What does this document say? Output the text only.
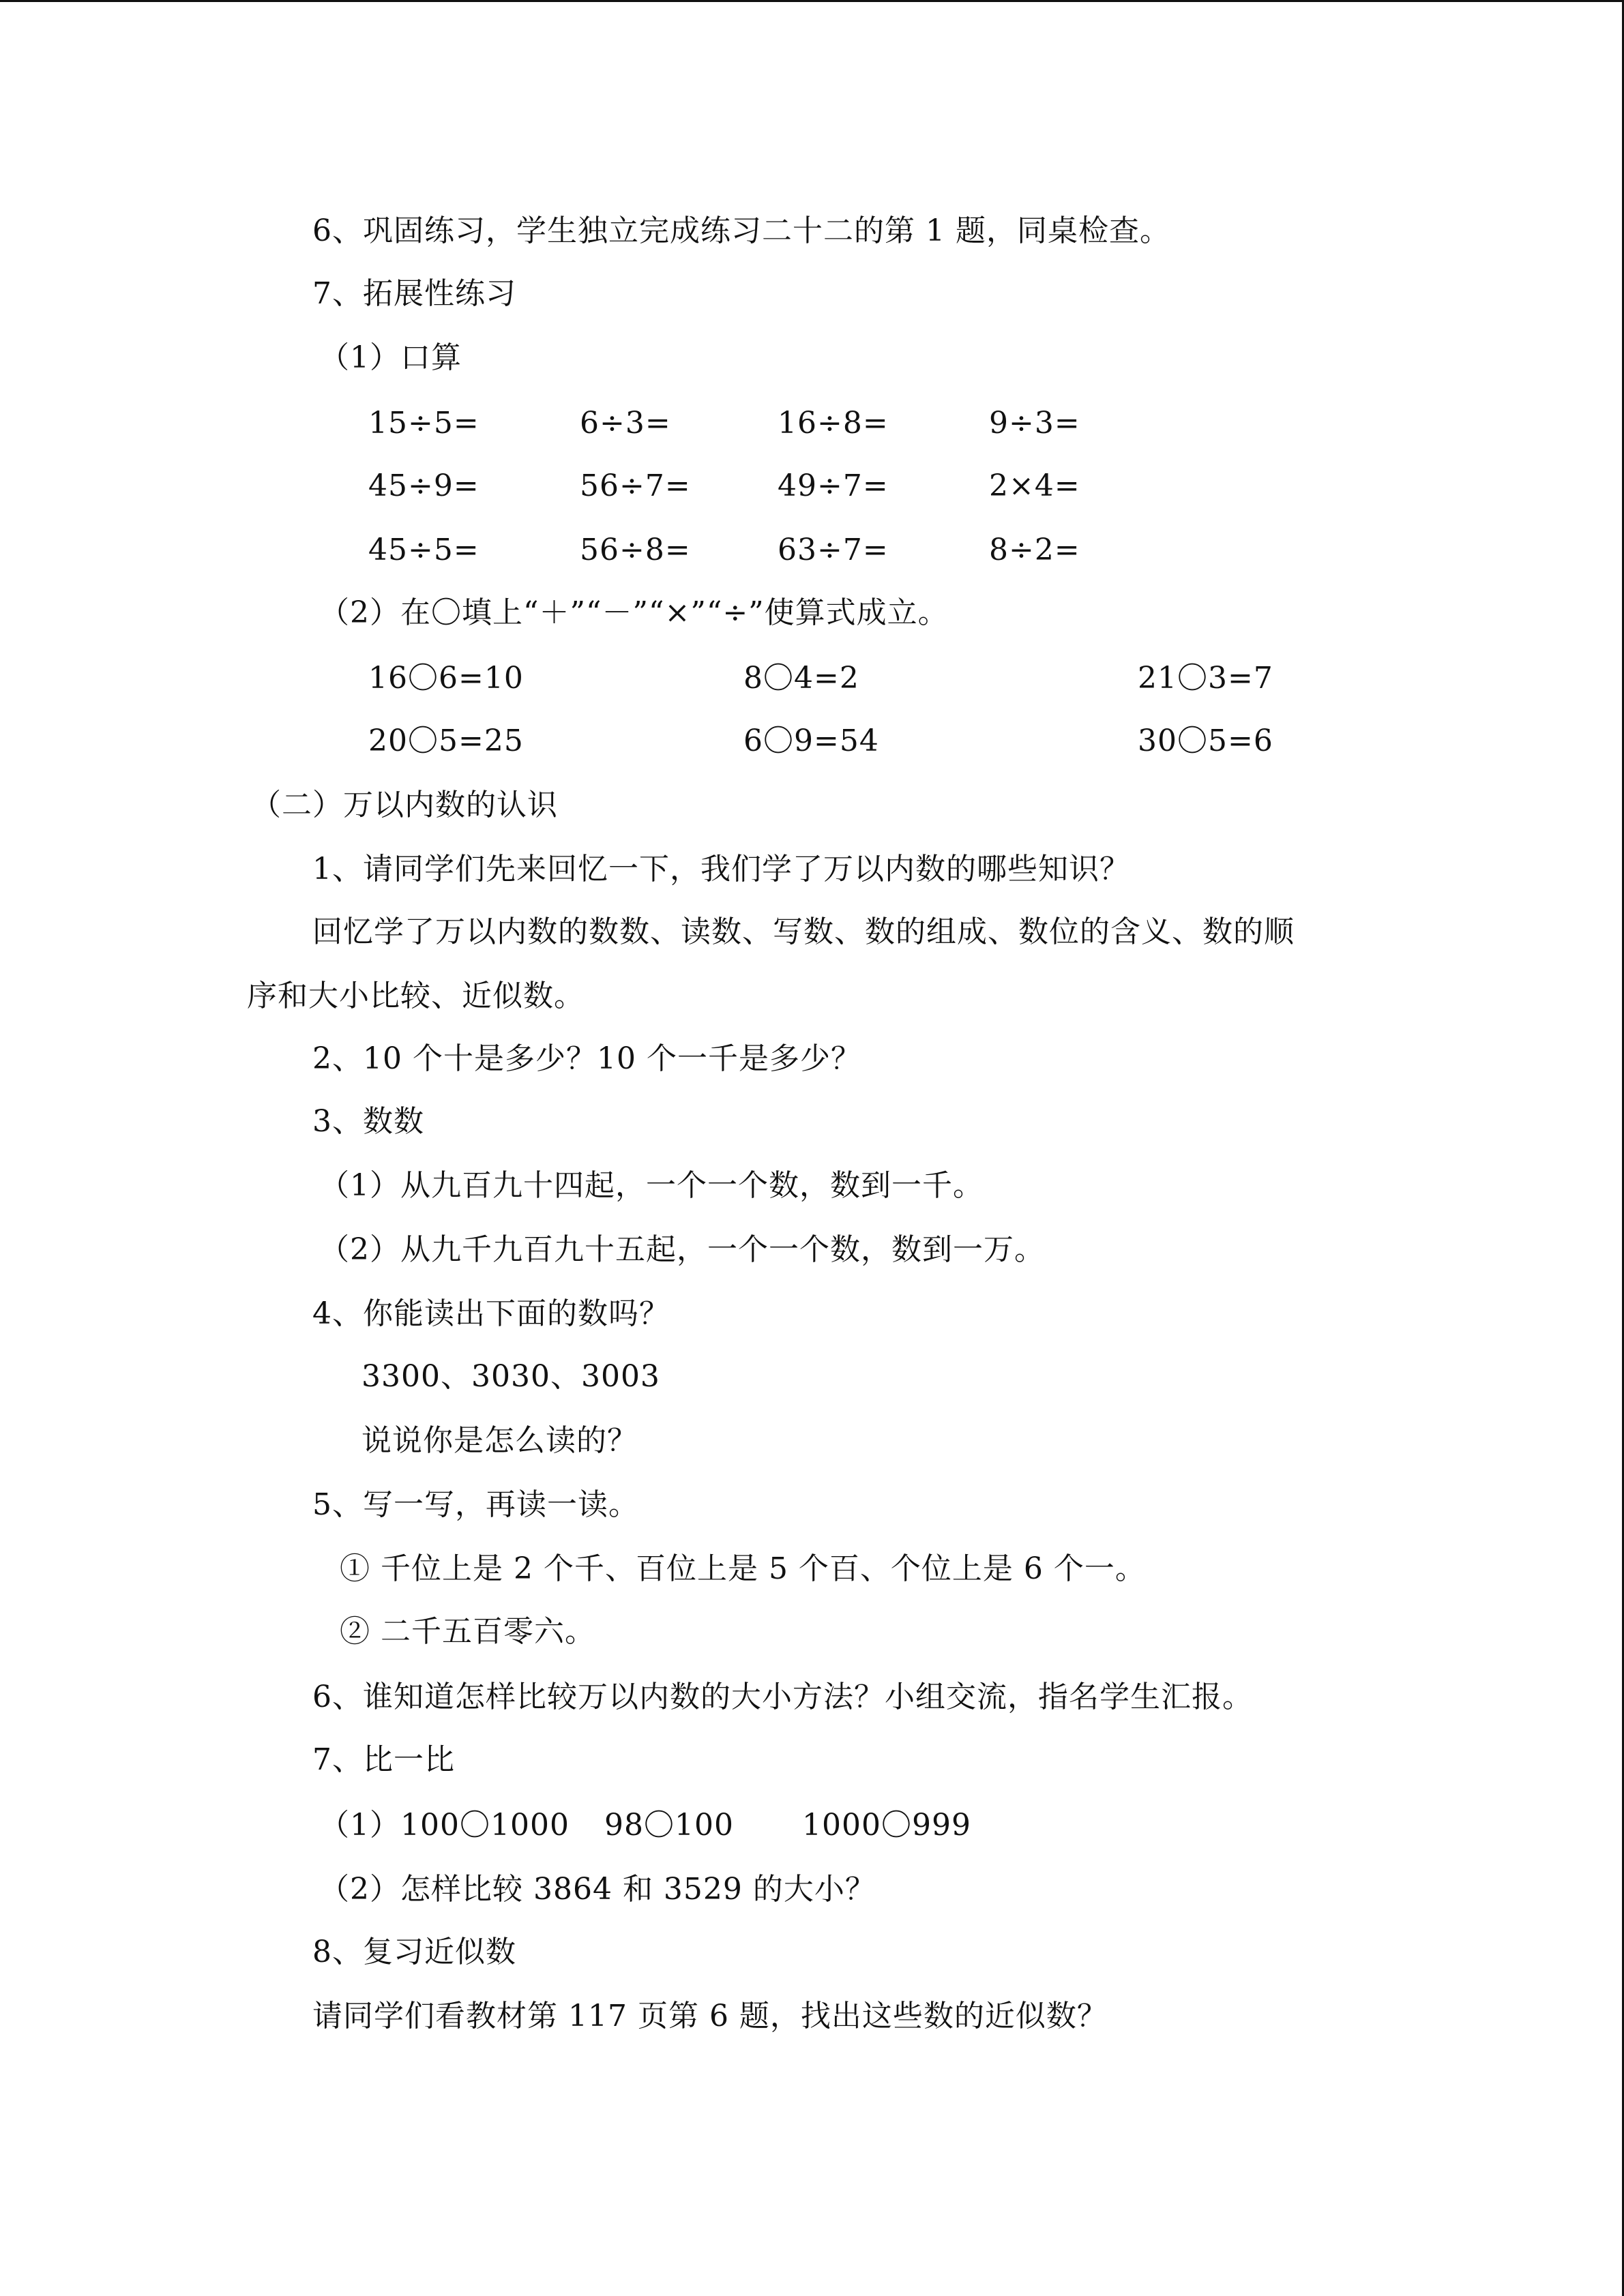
6、巩固练习，学生独立完成练习二十二的第 1 题，同桌检查。
7、拓展性练习
（1）口算
15÷5=	6÷3=	16÷8=	9÷3=
45÷9=	56÷7=	49÷7=	2×4=
45÷5=	56÷8=	63÷7=	8÷2=
（2）在〇填上“＋”“－”“×”“÷”使算式成立。
16〇6=10	8〇4=2	21〇3=7
20〇5=25	6〇9=54	30〇5=6
（二）万以内数的认识
1、请同学们先来回忆一下，我们学了万以内数的哪些知识？
回忆学了万以内数的数数、读数、写数、数的组成、数位的含义、数的顺
序和大小比较、近似数。
2、10 个十是多少？10 个一千是多少？
3、数数
（1）从九百九十四起，一个一个数，数到一千。
（2）从九千九百九十五起，一个一个数，数到一万。
4、你能读出下面的数吗？
3300、3030、3003
说说你是怎么读的？
5、写一写，再读一读。
① 千位上是 2 个千、百位上是 5 个百、个位上是 6 个一。
② 二千五百零六。
6、谁知道怎样比较万以内数的大小方法？小组交流，指名学生汇报。
7、比一比
（1）100〇1000 98〇100 1000〇999
（2）怎样比较 3864 和 3529 的大小？
8、复习近似数
请同学们看教材第 117 页第 6 题，找出这些数的近似数？
